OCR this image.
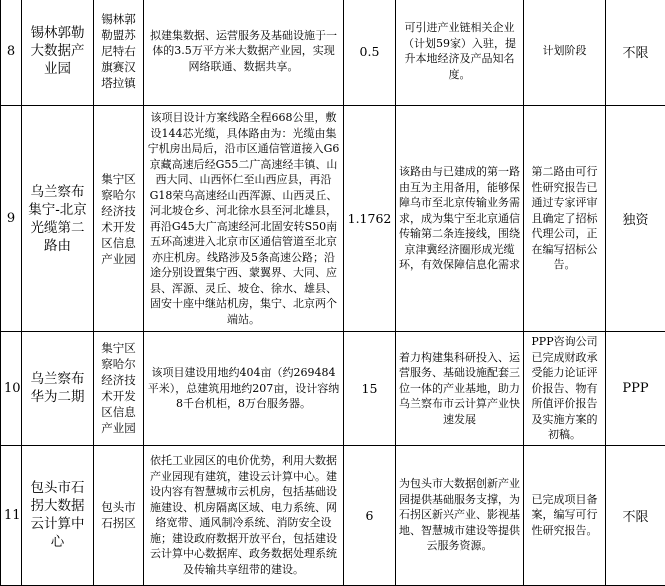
8	锡林郭勒大数据产业园	锡林郭勒盟苏尼特右旗赛汉塔拉镇	拟建集数据、运营服务及基础设施于一体的3.5万平方米大数据产业园，实现网络联通、数据共享。	0.5	可引进产业链相关企业（计划59家）入驻，提升本地经济及产品知名度。	计划阶段	不限
9	乌兰察布集宁-北京光缆第二路由	集宁区察哈尔经济技术开发区信息产业园	该项目设计方案线路全程668公里，敷设144芯光缆，具体路由为：光缆由集宁机房出局后，沿市区通信管道接入G6京藏高速后经G55二广高速经丰镇、山西大同、山西怀仁至山西应县，再沿G18荣乌高速经山西浑源、山西灵丘、河北坡仓乡、河北徐水县至河北雄县，再沿G45大广高速经河北固安转S50南五环高速进入北京市区通信管道至北京亦庄机房。线路涉及5条高速公路；沿途分别设置集宁西、蒙翼界、大同、应县、浑源、灵丘、坡仓、徐水、雄县、固安十座中继站机房，集宁、北京两个端站。	1.1762	该路由与已建成的第一路由互为主用备用，能够保障乌市至北京传输业务需求，成为集宁至北京通信传输第二条连接线，围绕京津冀经济圈形成光缆环，有效保障信息化需求	第二路由可行性研究报告已通过专家评审且确定了招标代理公司，正在编写招标公告。	独资
10	乌兰察布华为二期	集宁区察哈尔经济技术开发区信息产业园	该项目建设用地约404亩（约269484平米），总建筑用地约207亩，设计容纳8千台机柜，8万台服务器。	15	着力构建集科研投入、运营服务、基础设施配套三位一体的产业基地，助力乌兰察布市云计算产业快速发展	PPP咨询公司已完成财政承受能力论证评价报告、物有所值评价报告及实施方案的初稿。	PPP
11	包头市石拐大数据云计算中心	包头市石拐区	依托工业园区的电价优势，利用大数据产业园现有建筑，建设云计算中心。建设内容有智慧城市云机房，包括基础设施建设、机房隔离区域、电力系统、网络宽带、通风制冷系统、消防安全设施；建设政府数据开放平台，包括建设云计算中心数据库、政务数据处理系统及传输共享纽带的建设。	6	为包头市大数据创新产业园提供基础服务支撑，为石拐区新兴产业、影视基地、智慧城市建设等提供云服务资源。	已完成项目备案，编写可行性研究报告。	不限
